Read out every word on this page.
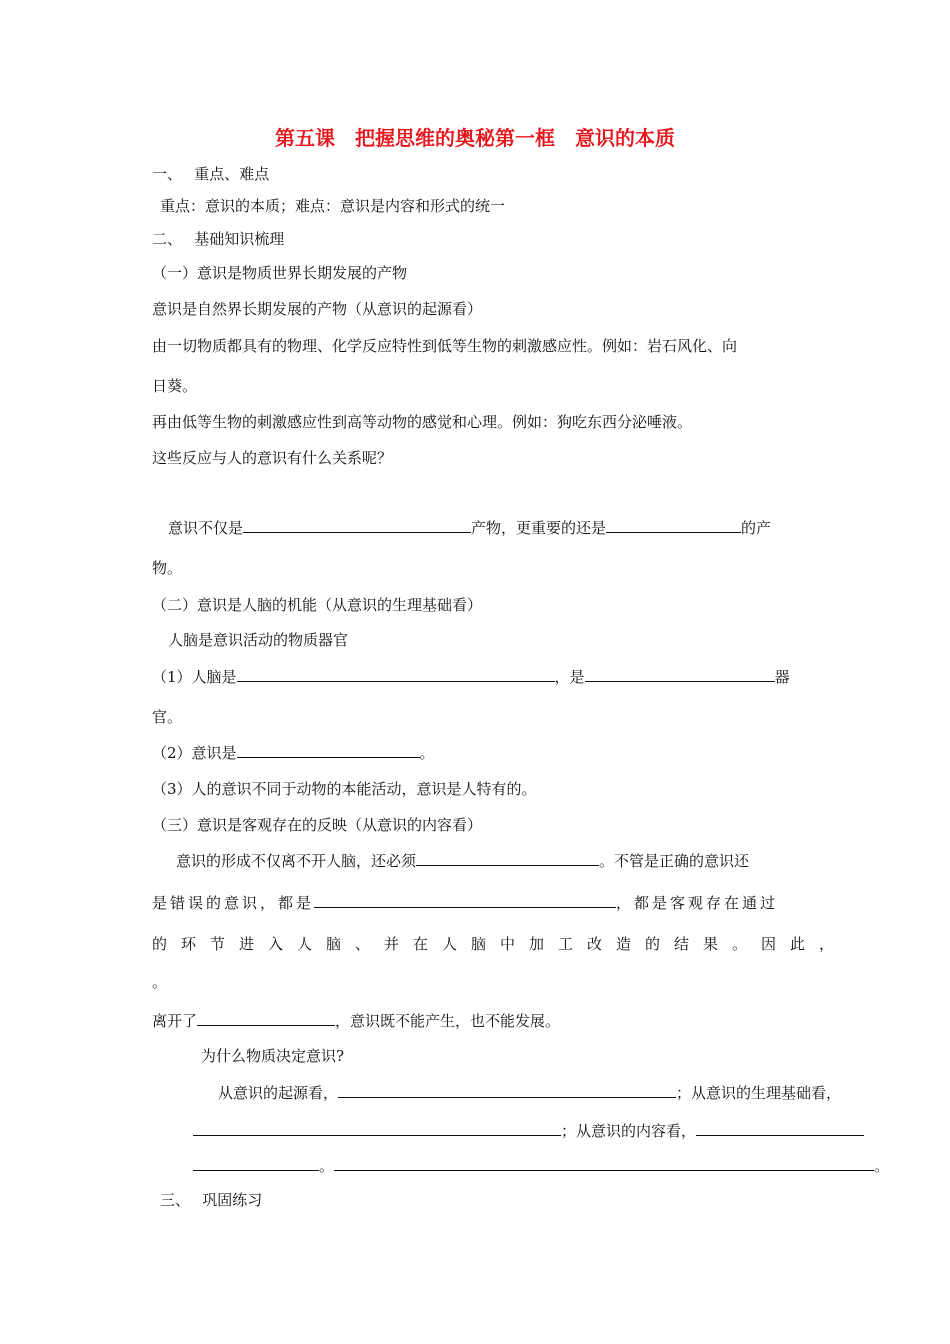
第五课　把握思维的奥秘第一框　意识的本质
一、　 重点、难点
重点：意识的本质；难点：意识是内容和形式的统一
二、　 基础知识梳理
（一）意识是物质世界长期发展的产物
意识是自然界长期发展的产物（从意识的起源看）
由一切物质都具有的物理、化学反应特性到低等生物的刺激感应性。例如：岩石风化、向
日葵。
再由低等生物的刺激感应性到高等动物的感觉和心理。例如：狗吃东西分泌唾液。
这些反应与人的意识有什么关系呢？
意识不仅是	产物，更重要的还是	的产
物。
（二）意识是人脑的机能（从意识的生理基础看）
人脑是意识活动的物质器官
（1）人脑是	，是	器
官。
（2）意识是	。
（3）人的意识不同于动物的本能活动，意识是人特有的。
（三）意识是客观存在的反映（从意识的内容看）
意识的形成不仅离不开人脑，还必须	。不管是正确的意识还
是错误的意识，都是	，都是客观存在通过
的环节进入人脑、并在人脑中加工改造的结果。因此，
。
离开了	，意识既不能产生，也不能发展。
为什么物质决定意识?
从意识的起源看，	；从意识的生理基础看，
；从意识的内容看，
。	。
三、　 巩固练习
